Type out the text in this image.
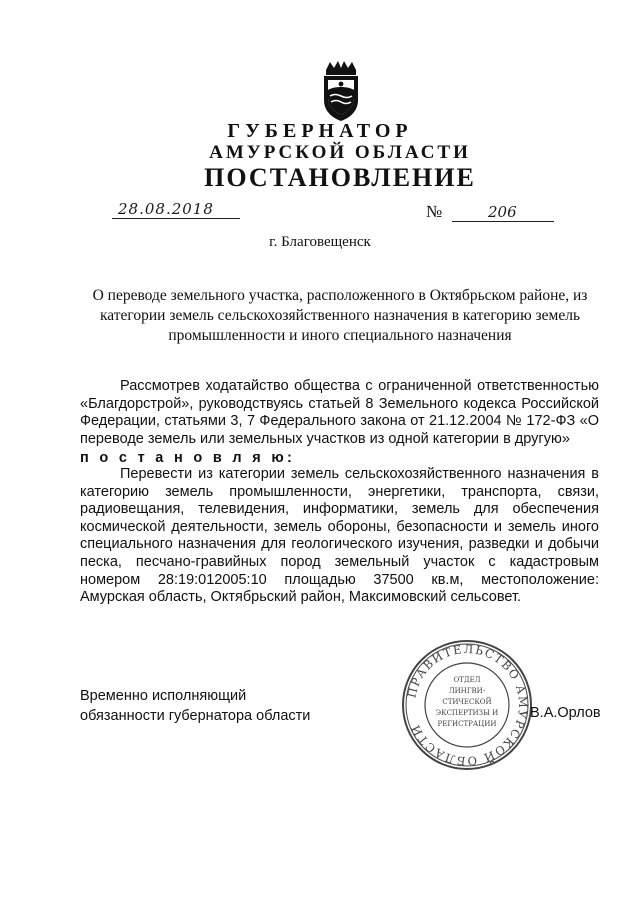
ГУБЕРНАТОР
АМУРСКОЙ ОБЛАСТИ
ПОСТАНОВЛЕНИЕ
28.08.2018	№	206
г. Благовещенск
О переводе земельного участка, расположенного в Октябрьском районе, из категории земель сельскохозяйственного назначения в категорию земель промышленности и иного специального назначения
Рассмотрев ходатайство общества с ограниченной ответственностью «Благдорстрой», руководствуясь статьей 8 Земельного кодекса Российской Федерации, статьями 3, 7 Федерального закона от 21.12.2004 № 172-ФЗ «О переводе земель или земельных участков из одной категории в другую»
п о с т а н о в л я ю:
Перевести из категории земель сельскохозяйственного назначения в категорию земель промышленности, энергетики, транспорта, связи, радиовещания, телевидения, информатики, земель для обеспечения космической деятельности, земель обороны, безопасности и земель иного специального назначения для геологического изучения, разведки и добычи песка, песчано-гравийных пород земельный участок с кадастровым номером 28:19:012005:10 площадью 37500 кв.м, местоположение: Амурская область, Октябрьский район, Максимовский сельсовет.
Временно исполняющий
обязанности губернатора области
ПРАВИТЕЛЬСТВО АМУРСКОЙ ОБЛАСТИ
ОТДЕЛ
ЛИНГВИ-
СТИЧЕСКОЙ
ЭКСПЕРТИЗЫ И
РЕГИСТРАЦИИ
В.А.Орлов
